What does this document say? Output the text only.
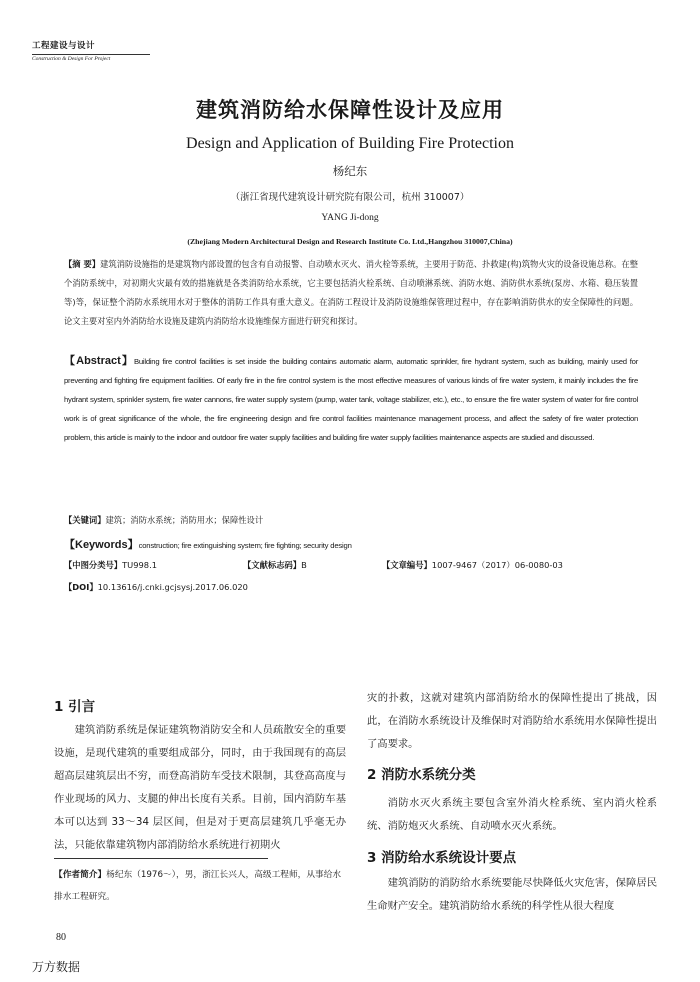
工程建设与设计
Construction & Design For Project
建筑消防给水保障性设计及应用
Design and Application of Building Fire Protection
杨纪东
（浙江省现代建筑设计研究院有限公司，杭州 310007）
YANG Ji-dong
(Zhejiang Modern Architectural Design and Research Institute Co. Ltd.,Hangzhou 310007,China)
【摘 要】建筑消防设施指的是建筑物内部设置的包含有自动报警、自动喷水灭火、消火栓等系统，主要用于防范、扑救建(构)筑物火灾的设备设施总称。在整个消防系统中，对初期火灾最有效的措施就是各类消防给水系统，它主要包括消火栓系统、自动喷淋系统、消防水炮、消防供水系统(泵房、水箱、稳压装置等)等，保证整个消防水系统用水对于整体的消防工作具有重大意义。在消防工程设计及消防设施维保管理过程中，存在影响消防供水的安全保障性的问题。论文主要对室内外消防给水设施及建筑内消防给水设施维保方面进行研究和探讨。
【Abstract】Building fire control facilities is set inside the building contains automatic alarm, automatic sprinkler, fire hydrant system, such as building, mainly used for preventing and fighting fire equipment facilities. Of early fire in the fire control system is the most effective measures of various kinds of fire water system, it mainly includes the fire hydrant system, sprinkler system, fire water cannons, fire water supply system (pump, water tank, voltage stabilizer, etc.), etc., to ensure the fire water system of water for fire control work is of great significance of the whole, the fire engineering design and fire control facilities maintenance management process, and affect the safety of fire water protection problem, this article is mainly to the indoor and outdoor fire water supply facilities and building fire water supply facilities maintenance aspects are studied and discussed.
【关键词】建筑；消防水系统；消防用水；保障性设计
【Keywords】construction; fire extinguishing system; fire fighting; security design
【中图分类号】TU998.1	【文献标志码】B	【文章编号】1007-9467（2017）06-0080-03
【DOI】10.13616/j.cnki.gcjsysj.2017.06.020
1 引言
建筑消防系统是保证建筑物消防安全和人员疏散安全的重要设施，是现代建筑的重要组成部分，同时，由于我国现有的高层超高层建筑层出不穷，而登高消防车受技术限制，其登高高度与作业现场的风力、支腿的伸出长度有关系。目前，国内消防车基本可以达到 33～34 层区间，但是对于更高层建筑几乎毫无办法，只能依靠建筑物内部消防给水系统进行初期火
【作者简介】杨纪东（1976～），男，浙江长兴人，高级工程师，从事给水排水工程研究。
灾的扑救，这就对建筑内部消防给水的保障性提出了挑战，因此，在消防水系统设计及维保时对消防给水系统用水保障性提出了高要求。
2 消防水系统分类
消防水灭火系统主要包含室外消火栓系统、室内消火栓系统、消防炮灭火系统、自动喷水灭火系统。
3 消防给水系统设计要点
建筑消防的消防给水系统要能尽快降低火灾危害，保障居民生命财产安全。建筑消防给水系统的科学性从很大程度
80
万方数据
